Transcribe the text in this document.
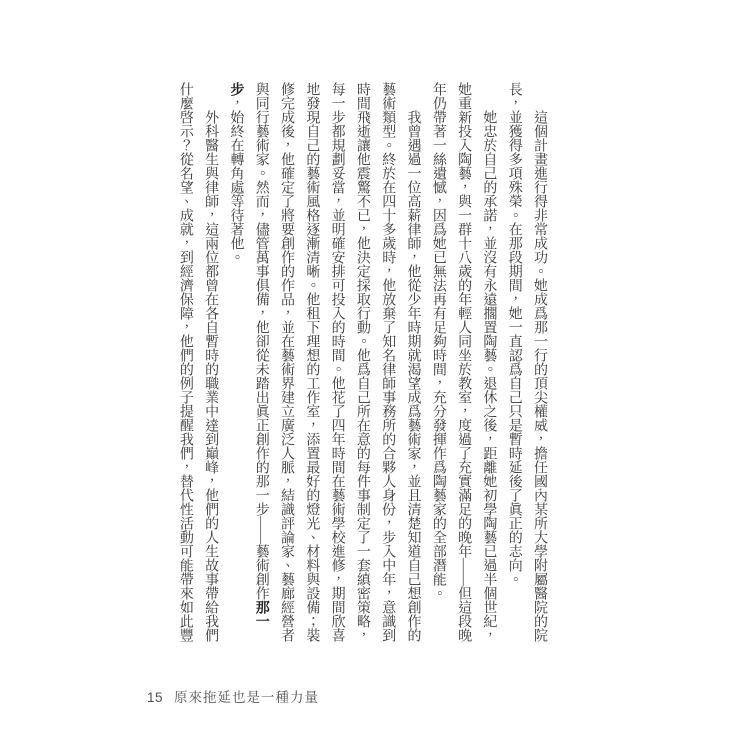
這個計畫進行得非常成功。她成爲那一行的頂尖權威，擔任國內某所大學附屬醫院的院
長，並獲得多項殊榮。在那段期間，她一直認爲自己只是暫時延後了眞正的志向。
她忠於自己的承諾，並沒有永遠擱置陶藝。退休之後，距離她初學陶藝已過半個世紀，
她重新投入陶藝，與一群十八歲的年輕人同坐於教室，度過了充實滿足的晚年——但這段晚
年仍帶著一絲遺憾，因爲她已無法再有足夠時間，充分發揮作爲陶藝家的全部潛能。
我曾遇過一位高薪律師，他從少年時期就渴望成爲藝術家，並且清楚知道自己想創作的
藝術類型。終於在四十多歲時，他放棄了知名律師事務所的合夥人身份，步入中年，意識到
時間飛逝讓他震驚不已，他決定採取行動。他爲自己所在意的每件事制定了一套縝密策略，
每一步都規劃妥當，並明確安排可投入的時間。他花了四年時間在藝術學校進修，期間欣喜
地發現自己的藝術風格逐漸清晰。他租下理想的工作室，添置最好的燈光、材料與設備；裝
修完成後，他確定了將要創作的作品，並在藝術界建立廣泛人脈，結識評論家、藝廊經營者
與同行藝術家。然而，儘管萬事俱備，他卻從未踏出眞正創作的那一步——藝術創作那一
步，始終在轉角處等待著他。
外科醫生與律師，這兩位都曾在各自暫時的職業中達到巔峰，他們的人生故事帶給我們
什麼啓示？從名望、成就，到經濟保障，他們的例子提醒我們，替代性活動可能帶來如此豐
15 原來拖延也是一種力量
